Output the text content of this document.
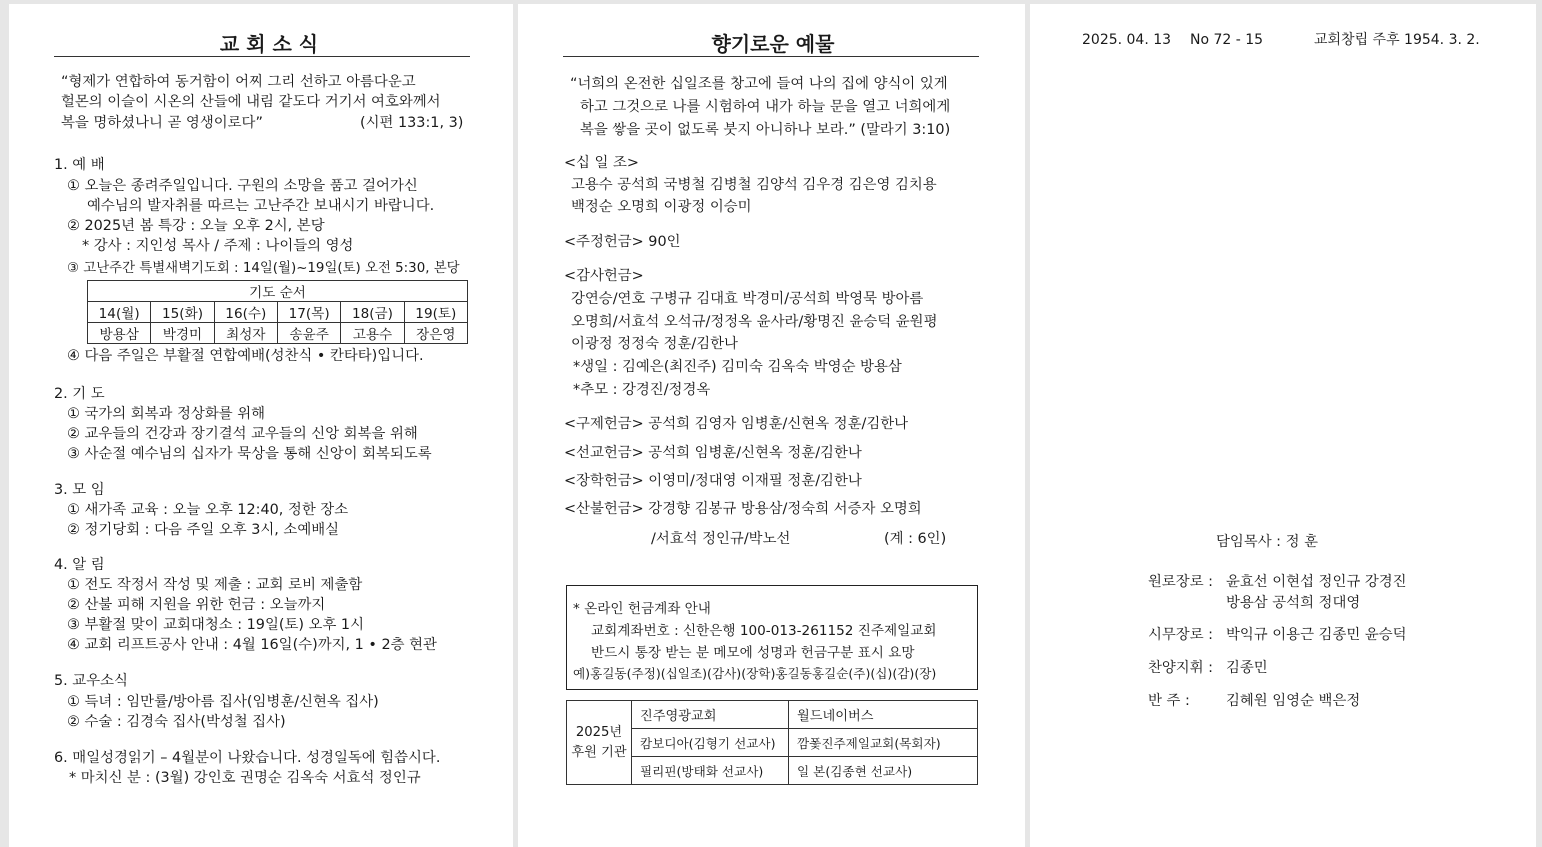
교 회 소 식
“형제가 연합하여 동거함이 어찌 그리 선하고 아름다운고
헐몬의 이슬이 시온의 산들에 내림 같도다 거기서 여호와께서
복을 명하셨나니 곧 영생이로다”	(시편 133:1, 3)
1. 예 배
① 오늘은 종려주일입니다. 구원의 소망을 품고 걸어가신
예수님의 발자취를 따르는 고난주간 보내시기 바랍니다.
② 2025년 봄 특강 : 오늘 오후 2시, 본당
* 강사 : 지인성 목사 / 주제 : 나이들의 영성
③ 고난주간 특별새벽기도회 : 14일(월)~19일(토) 오전 5:30, 본당
기도 순서					
14(월)	15(화)	16(수)	17(목)	18(금)	19(토)
방용삼	박경미	최성자	송윤주	고용수	장은영
④ 다음 주일은 부활절 연합예배(성찬식 • 칸타타)입니다.
2. 기 도
① 국가의 회복과 정상화를 위해
② 교우들의 건강과 장기결석 교우들의 신앙 회복을 위해
③ 사순절 예수님의 십자가 묵상을 통해 신앙이 회복되도록
3. 모 임
① 새가족 교육 : 오늘 오후 12:40, 정한 장소
② 정기당회 : 다음 주일 오후 3시, 소예배실
4. 알 림
① 전도 작정서 작성 및 제출 : 교회 로비 제출함
② 산불 피해 지원을 위한 헌금 : 오늘까지
③ 부활절 맞이 교회대청소 : 19일(토) 오후 1시
④ 교회 리프트공사 안내 : 4월 16일(수)까지, 1 • 2층 현관
5. 교우소식
① 득녀 : 임만률/방아름 집사(임병훈/신현옥 집사)
② 수술 : 김경숙 집사(박성철 집사)
6. 매일성경읽기 – 4월분이 나왔습니다. 성경일독에 힘씁시다.
* 마치신 분 : (3월) 강인호 권명순 김옥숙 서효석 정인규
향기로운 예물
“너희의 온전한 십일조를 창고에 들여 나의 집에 양식이 있게
하고 그것으로 나를 시험하여 내가 하늘 문을 열고 너희에게
복을 쌓을 곳이 없도록 붓지 아니하나 보라.” (말라기 3:10)
<십 일 조>
고용수 공석희 국병철 김병철 김양석 김우경 김은영 김치용
백정순 오명희 이광정 이승미
<주정헌금> 90인
<감사헌금>
강연승/연호 구병규 김대효 박경미/공석희 박영묵 방아름
오명희/서효석 오석규/정정옥 윤사라/황명진 윤승덕 윤원평
이광정 정정숙 정훈/김한나
*생일 : 김예은(최진주) 김미숙 김옥숙 박영순 방용삼
*추모 : 강경진/정경옥
<구제헌금> 공석희 김영자 임병훈/신현옥 정훈/김한나
<선교헌금> 공석희 임병훈/신현옥 정훈/김한나
<장학헌금> 이영미/정대영 이재필 정훈/김한나
<산불헌금> 강경향 김봉규 방용삼/정숙희 서증자 오명희
/서효석 정인규/박노선	(계 : 6인)
* 온라인 헌금계좌 안내
교회계좌번호 : 신한은행 100-013-261152 진주제일교회
반드시 통장 받는 분 메모에 성명과 헌금구분 표시 요망
예)홍길동(주정)(십일조)(감사)(장학)홍길동홍길순(주)(십)(감)(장)
2025년
후원 기관	진주영광교회	월드네이버스
	캄보디아(김형기 선교사)	깜퐃진주제일교회(목회자)
	필리핀(방태화 선교사)	일 본(김종현 선교사)
2025. 04. 13 No 72 - 15	교회창립 주후 1954. 3. 2.
담임목사 : 정 훈
원로장로 : 윤효선 이현섭 정인규 강경진
방용삼 공석희 정대영
시무장로 : 박익규 이용근 김종민 윤승덕
찬양지휘 : 김종민
반 주 :	김혜원 임영순 백은정
